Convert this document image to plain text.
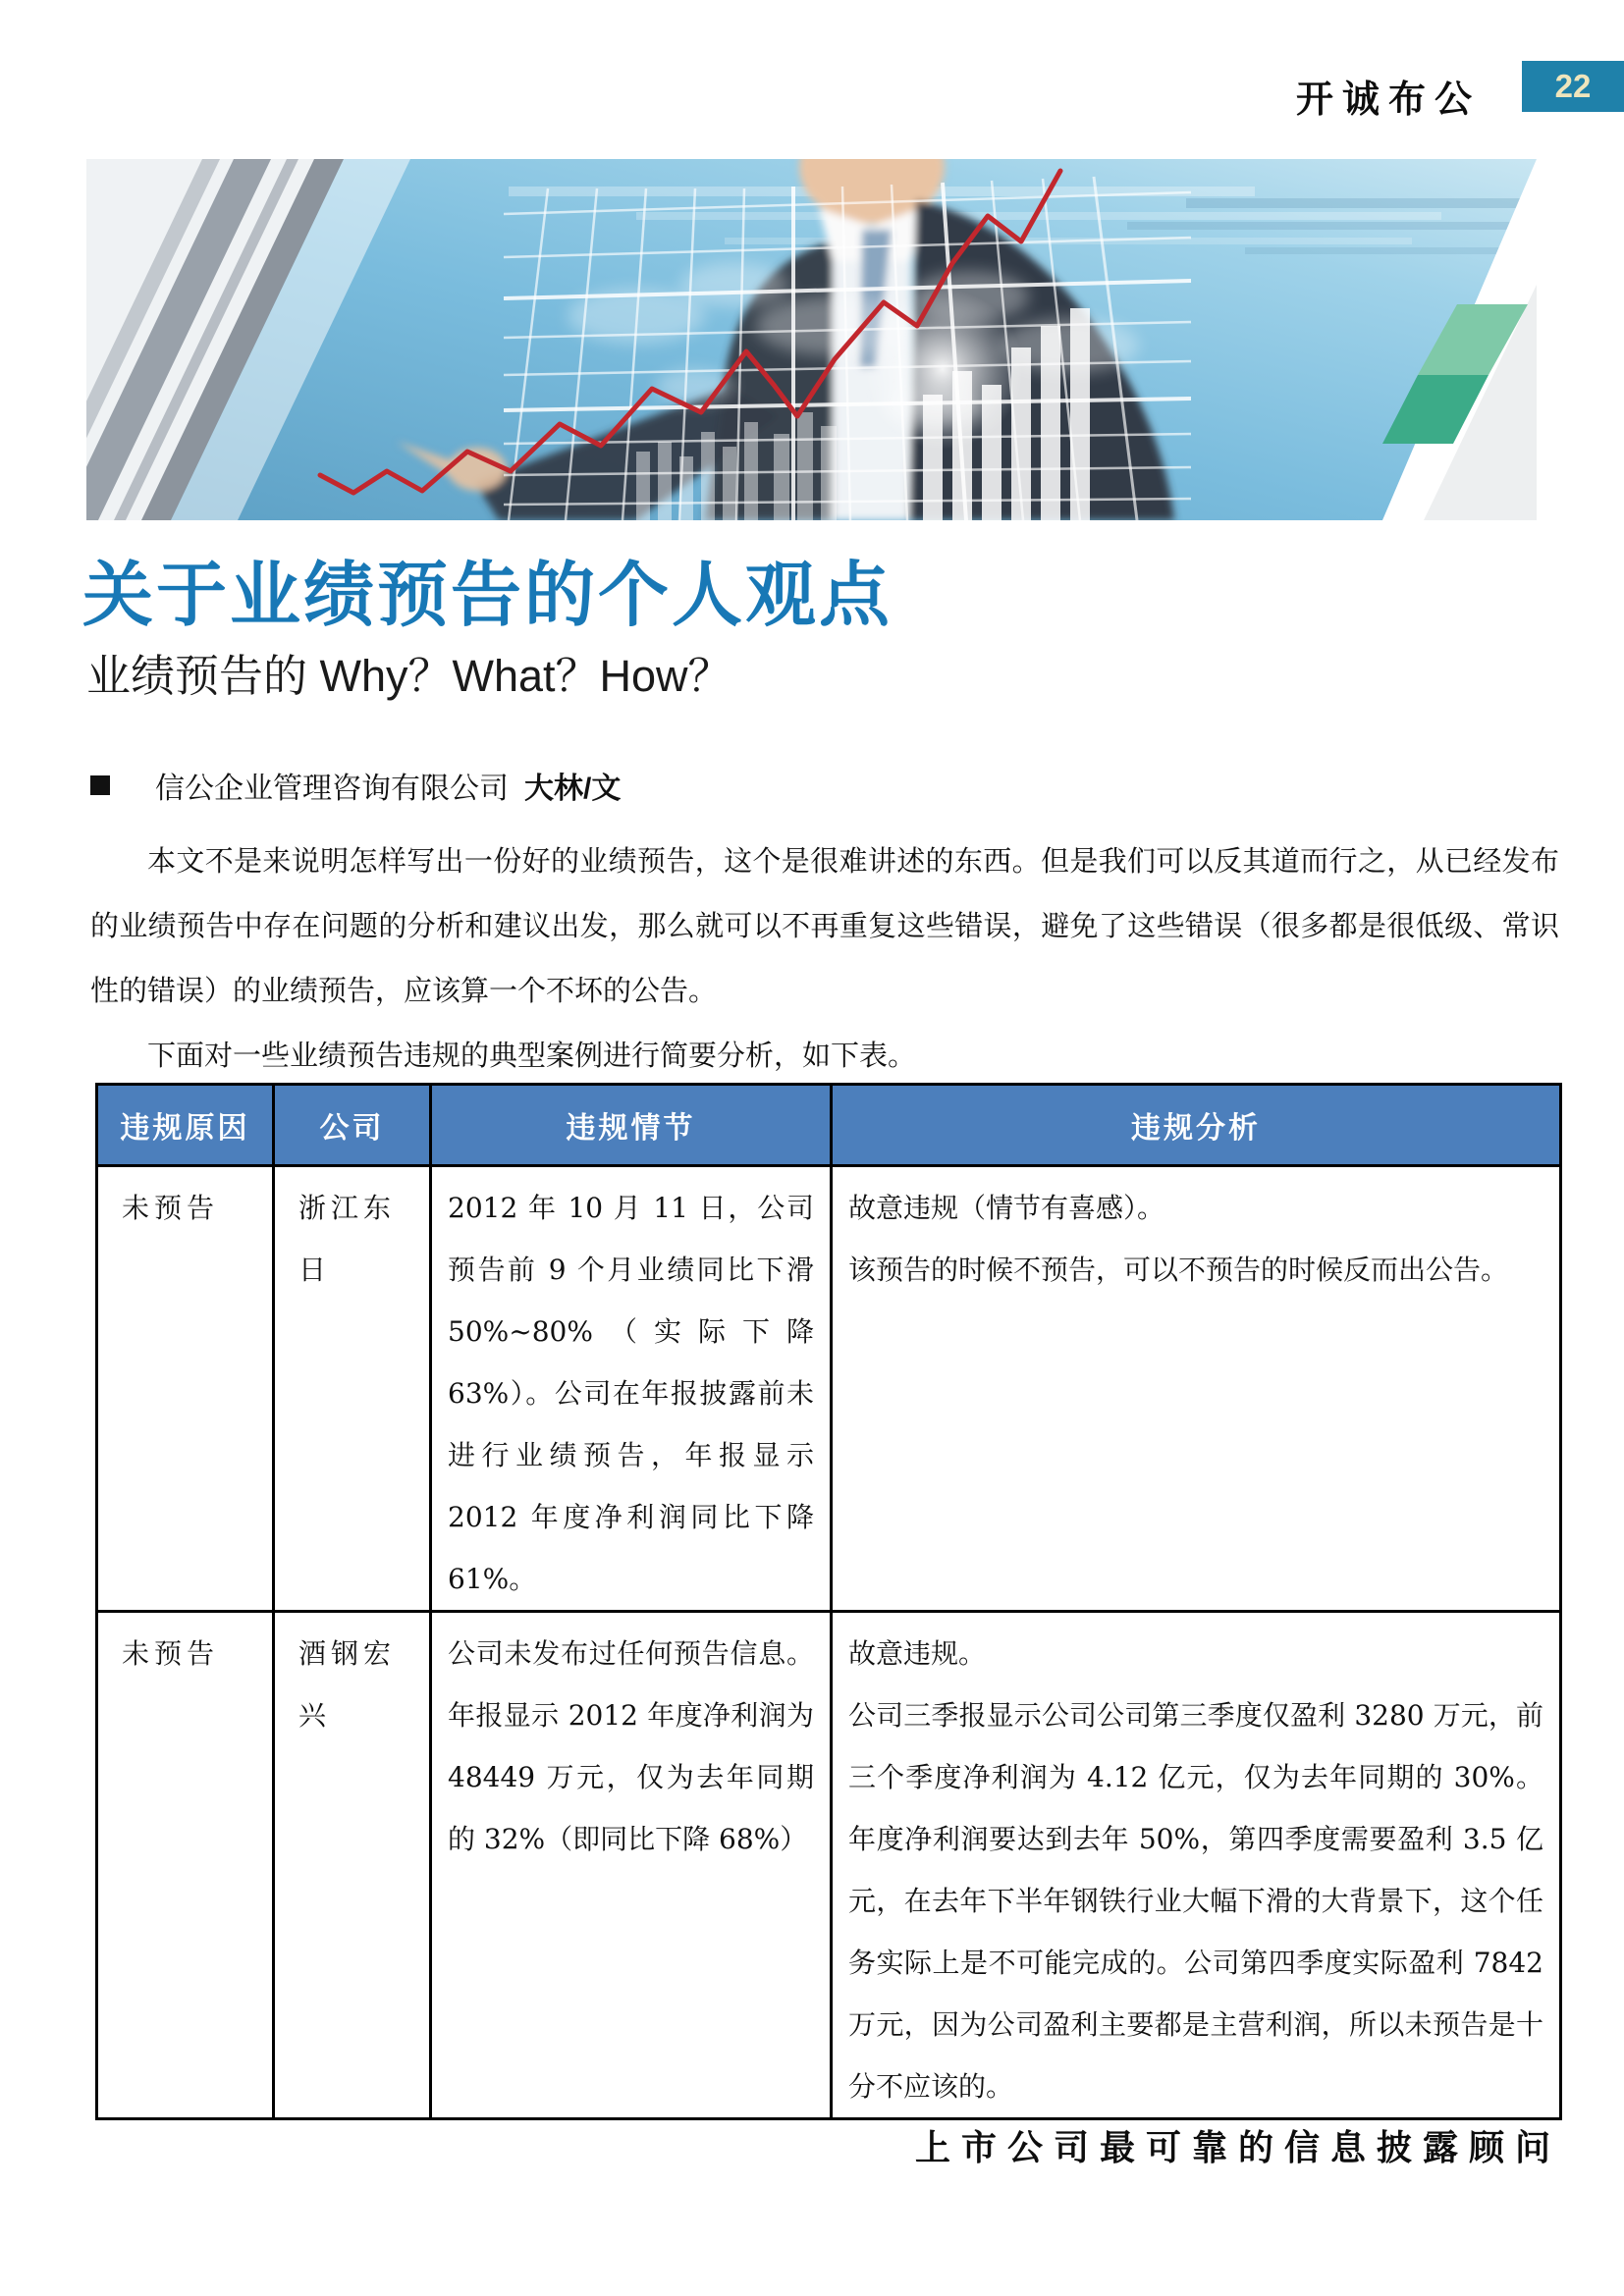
开诚布公 22
关于业绩预告的个人观点
业绩预告的 Why？What？How？
信公企业管理咨询有限公司 大林/文

本文不是来说明怎样写出一份好的业绩预告，这个是很难讲述的东西。但是我们可以反其道而行之，从已经发布的业绩预告中存在问题的分析和建议出发，那么就可以不再重复这些错误，避免了这些错误（很多都是很低级、常识性的错误）的业绩预告，应该算一个不坏的公告。

下面对一些业绩预告违规的典型案例进行简要分析，如下表。

违规原因	公司	违规情节	违规分析
未预告	浙江东日	2012 年 10 月 11 日，公司预告前 9 个月业绩同比下滑 50%~80%（实际下降 63%）。公司在年报披露前未进行业绩预告，年报显示 2012 年度净利润同比下降 61%。	故意违规（情节有喜感）。

该预告的时候不预告，可以不预告的时候反而出公告。

未预告	酒钢宏兴	公司未发布过任何预告信息。年报显示 2012 年度净利润为 48449 万元，仅为去年同期的 32%（即同比下降 68%）	故意违规。

公司三季报显示公司公司第三季度仅盈利 3280 万元，前三个季度净利润为 4.12 亿元，仅为去年同期的 30%。年度净利润要达到去年 50%，第四季度需要盈利 3.5 亿元，在去年下半年钢铁行业大幅下滑的大背景下，这个任务实际上是不可能完成的。公司第四季度实际盈利 7842 万元，因为公司盈利主要都是主营利润，所以未预告是十分不应该的。

上市公司最可靠的信息披露顾问
